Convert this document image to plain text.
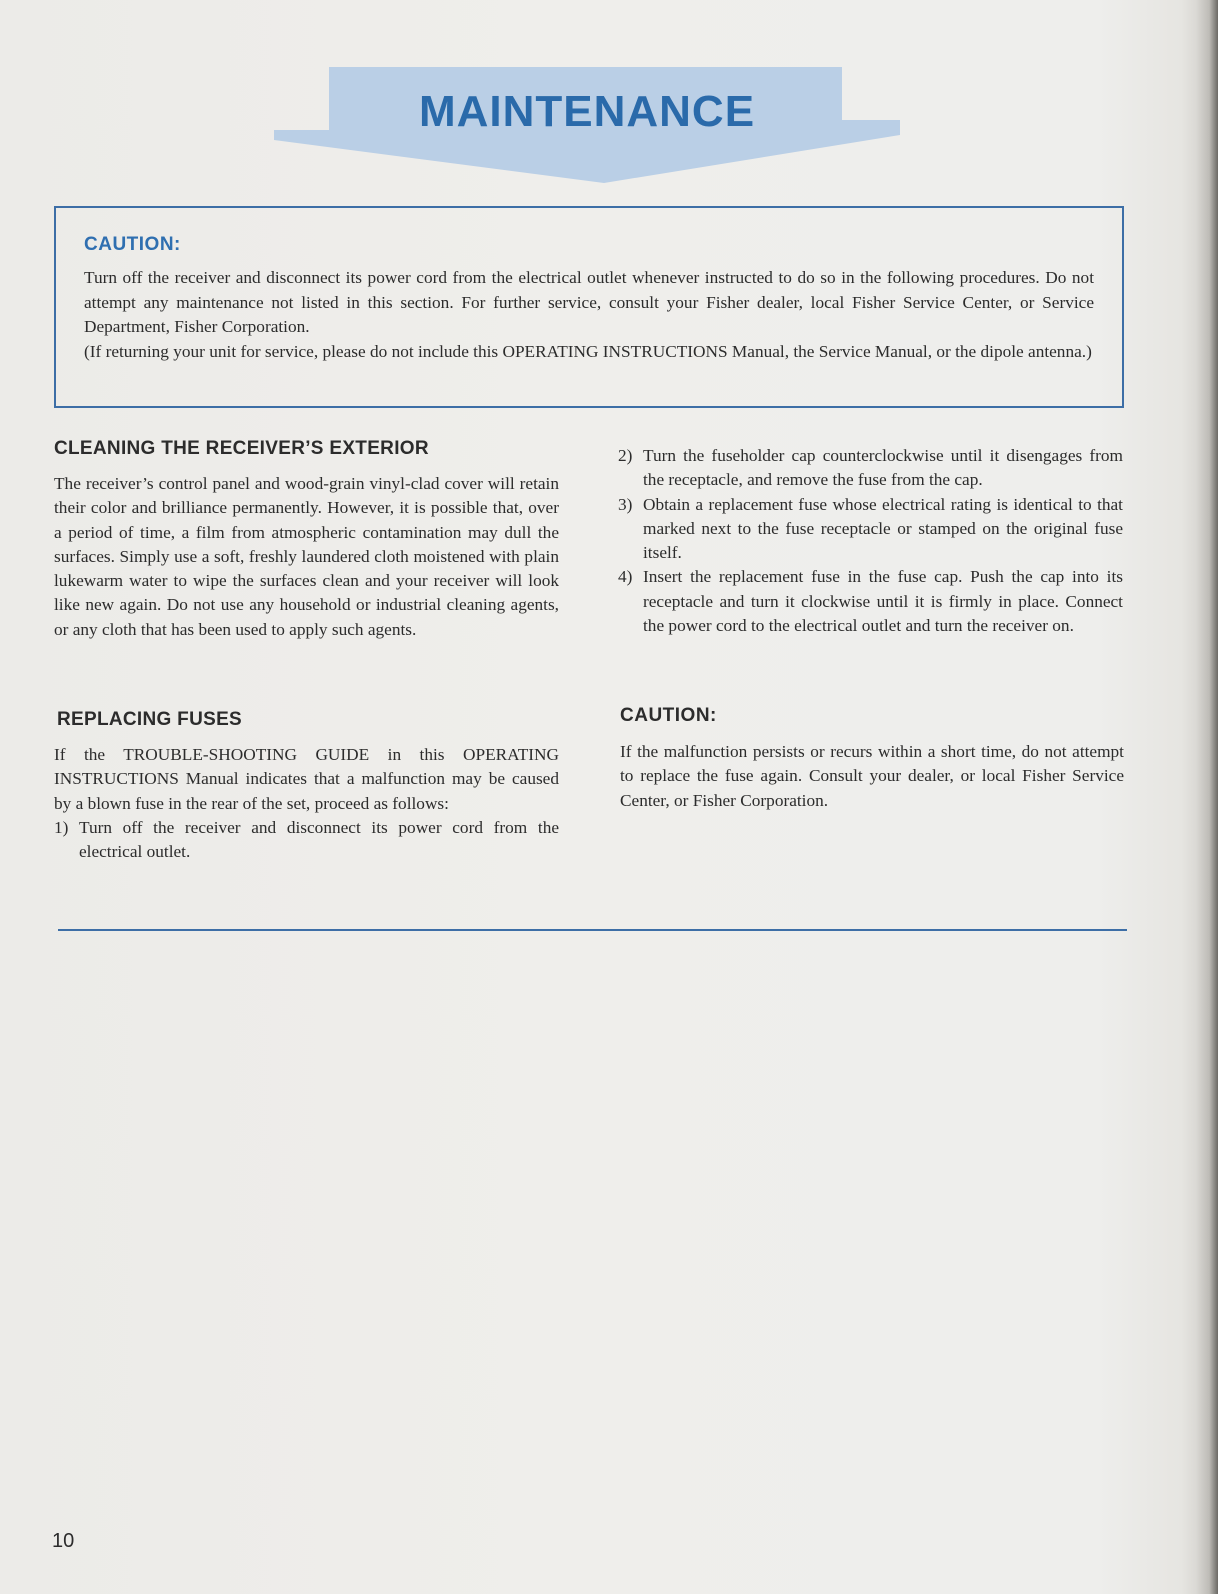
MAINTENANCE
CAUTION:

Turn off the receiver and disconnect its power cord from the electrical outlet whenever instructed to do so in the following procedures. Do not attempt any maintenance not listed in this section. For further service, consult your Fisher dealer, local Fisher Service Center, or Service Department, Fisher Corporation.

(If returning your unit for service, please do not include this OPERATING INSTRUCTIONS Manual, the Service Manual, or the dipole antenna.)

CLEANING THE RECEIVER’S EXTERIOR

The receiver’s control panel and wood-grain vinyl-clad cover will retain their color and brilliance permanently. However, it is possible that, over a period of time, a film from atmospheric contamination may dull the surfaces. Simply use a soft, freshly laundered cloth moistened with plain lukewarm water to wipe the surfaces clean and your receiver will look like new again. Do not use any household or industrial cleaning agents, or any cloth that has been used to apply such agents.

REPLACING FUSES

If the TROUBLE-SHOOTING GUIDE in this OPERATING INSTRUCTIONS Manual indicates that a malfunction may be caused by a blown fuse in the rear of the set, proceed as follows:

1) Turn off the receiver and disconnect its power cord from the electrical outlet.
2) Turn the fuseholder cap counterclockwise until it disengages from the receptacle, and remove the fuse from the cap.
3) Obtain a replacement fuse whose electrical rating is identical to that marked next to the fuse receptacle or stamped on the original fuse itself.
4) Insert the replacement fuse in the fuse cap. Push the cap into its receptacle and turn it clockwise until it is firmly in place. Connect the power cord to the electrical outlet and turn the receiver on.
CAUTION:

If the malfunction persists or recurs within a short time, do not attempt to replace the fuse again. Consult your dealer, or local Fisher Service Center, or Fisher Corporation.

10
